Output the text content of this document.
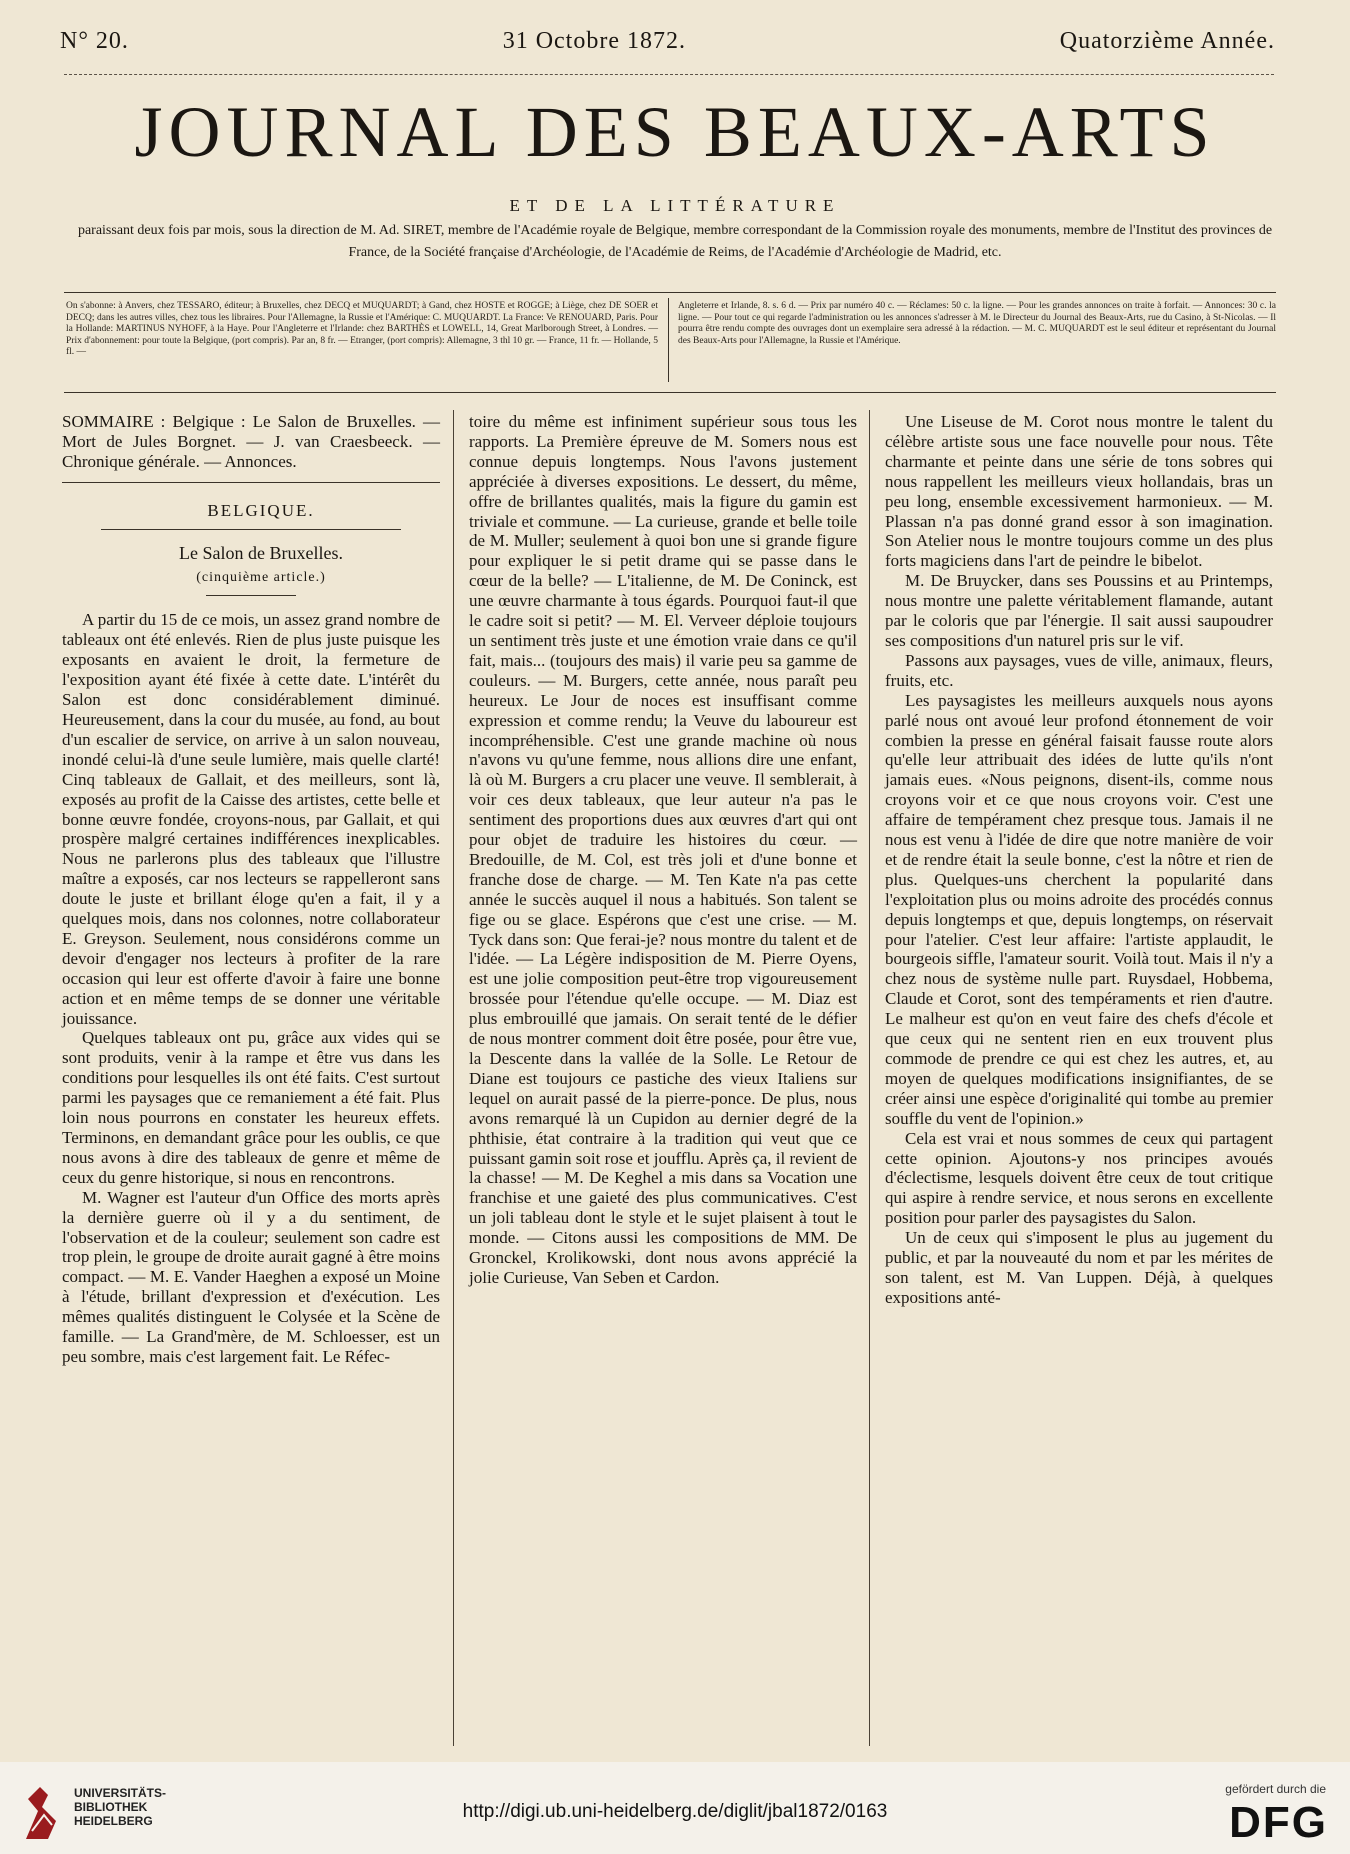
N° 20.	31 Octobre 1872.	Quatorzième Année.
JOURNAL DES BEAUX-ARTS
ET DE LA LITTÉRATURE
paraissant deux fois par mois, sous la direction de M. Ad. SIRET, membre de l'Académie royale de Belgique, membre correspondant de la Commission royale des monuments, membre de l'Institut des provinces de France, de la Société française d'Archéologie, de l'Académie de Reims, de l'Académie d'Archéologie de Madrid, etc.
On s'abonne: à Anvers, chez TESSARO, éditeur; à Bruxelles, chez DECQ et MUQUARDT; à Gand, chez HOSTE et ROGGE; à Liège, chez DE SOER et DECQ; dans les autres villes, chez tous les libraires. Pour l'Allemagne, la Russie et l'Amérique: C. MUQUARDT. La France: Ve RENOUARD, Paris. Pour la Hollande: MARTINUS NYHOFF, à la Haye. Pour l'Angleterre et l'Irlande: chez BARTHÈS et LOWELL, 14, Great Marlborough Street, à Londres. — Prix d'abonnement: pour toute la Belgique, (port compris). Par an, 8 fr. — Etranger, (port compris): Allemagne, 3 thl 10 gr. — France, 11 fr. — Hollande, 5 fl. —
Angleterre et Irlande, 8. s. 6 d. — Prix par numéro 40 c. — Réclames: 50 c. la ligne. — Pour les grandes annonces on traite à forfait. — Annonces: 30 c. la ligne. — Pour tout ce qui regarde l'administration ou les annonces s'adresser à M. le Directeur du Journal des Beaux-Arts, rue du Casino, à St-Nicolas. — Il pourra être rendu compte des ouvrages dont un exemplaire sera adressé à la rédaction. — M. C. MUQUARDT est le seul éditeur et représentant du Journal des Beaux-Arts pour l'Allemagne, la Russie et l'Amérique.

SOMMAIRE : Belgique : Le Salon de Bruxelles. — Mort de Jules Borgnet. — J. van Craesbeeck. — Chronique générale. — Annonces.

BELGIQUE.

Le Salon de Bruxelles.

(cinquième article.)

A partir du 15 de ce mois, un assez grand nombre de tableaux ont été enlevés. Rien de plus juste puisque les exposants en avaient le droit, la fermeture de l'exposition ayant été fixée à cette date. L'intérêt du Salon est donc considérablement diminué. Heureusement, dans la cour du musée, au fond, au bout d'un escalier de service, on arrive à un salon nouveau, inondé celui-là d'une seule lumière, mais quelle clarté! Cinq tableaux de Gallait, et des meilleurs, sont là, exposés au profit de la Caisse des artistes, cette belle et bonne œuvre fondée, croyons-nous, par Gallait, et qui prospère malgré certaines indifférences inexplicables. Nous ne parlerons plus des tableaux que l'illustre maître a exposés, car nos lecteurs se rappelleront sans doute le juste et brillant éloge qu'en a fait, il y a quelques mois, dans nos colonnes, notre collaborateur E. Greyson. Seulement, nous considérons comme un devoir d'engager nos lecteurs à profiter de la rare occasion qui leur est offerte d'avoir à faire une bonne action et en même temps de se donner une véritable jouissance.

Quelques tableaux ont pu, grâce aux vides qui se sont produits, venir à la rampe et être vus dans les conditions pour lesquelles ils ont été faits. C'est surtout parmi les paysages que ce remaniement a été fait. Plus loin nous pourrons en constater les heureux effets. Terminons, en demandant grâce pour les oublis, ce que nous avons à dire des tableaux de genre et même de ceux du genre historique, si nous en rencontrons.

M. Wagner est l'auteur d'un Office des morts après la dernière guerre où il y a du sentiment, de l'observation et de la couleur; seulement son cadre est trop plein, le groupe de droite aurait gagné à être moins compact. — M. E. Vander Haeghen a exposé un Moine à l'étude, brillant d'expression et d'exécution. Les mêmes qualités distinguent le Colysée et la Scène de famille. — La Grand'mère, de M. Schloesser, est un peu sombre, mais c'est largement fait. Le Réfec-

toire du même est infiniment supérieur sous tous les rapports. La Première épreuve de M. Somers nous est connue depuis longtemps. Nous l'avons justement appréciée à diverses expositions. Le dessert, du même, offre de brillantes qualités, mais la figure du gamin est triviale et commune. — La curieuse, grande et belle toile de M. Muller; seulement à quoi bon une si grande figure pour expliquer le si petit drame qui se passe dans le cœur de la belle? — L'italienne, de M. De Coninck, est une œuvre charmante à tous égards. Pourquoi faut-il que le cadre soit si petit? — M. El. Verveer déploie toujours un sentiment très juste et une émotion vraie dans ce qu'il fait, mais... (toujours des mais) il varie peu sa gamme de couleurs. — M. Burgers, cette année, nous paraît peu heureux. Le Jour de noces est insuffisant comme expression et comme rendu; la Veuve du laboureur est incompréhensible. C'est une grande machine où nous n'avons vu qu'une femme, nous allions dire une enfant, là où M. Burgers a cru placer une veuve. Il semblerait, à voir ces deux tableaux, que leur auteur n'a pas le sentiment des proportions dues aux œuvres d'art qui ont pour objet de traduire les histoires du cœur. — Bredouille, de M. Col, est très joli et d'une bonne et franche dose de charge. — M. Ten Kate n'a pas cette année le succès auquel il nous a habitués. Son talent se fige ou se glace. Espérons que c'est une crise. — M. Tyck dans son: Que ferai-je? nous montre du talent et de l'idée. — La Légère indisposition de M. Pierre Oyens, est une jolie composition peut-être trop vigoureusement brossée pour l'étendue qu'elle occupe. — M. Diaz est plus embrouillé que jamais. On serait tenté de le défier de nous montrer comment doit être posée, pour être vue, la Descente dans la vallée de la Solle. Le Retour de Diane est toujours ce pastiche des vieux Italiens sur lequel on aurait passé de la pierre-ponce. De plus, nous avons remarqué là un Cupidon au dernier degré de la phthisie, état contraire à la tradition qui veut que ce puissant gamin soit rose et joufflu. Après ça, il revient de la chasse! — M. De Keghel a mis dans sa Vocation une franchise et une gaieté des plus communicatives. C'est un joli tableau dont le style et le sujet plaisent à tout le monde. — Citons aussi les compositions de MM. De Gronckel, Krolikowski, dont nous avons apprécié la jolie Curieuse, Van Seben et Cardon.

Une Liseuse de M. Corot nous montre le talent du célèbre artiste sous une face nouvelle pour nous. Tête charmante et peinte dans une série de tons sobres qui nous rappellent les meilleurs vieux hollandais, bras un peu long, ensemble excessivement harmonieux. — M. Plassan n'a pas donné grand essor à son imagination. Son Atelier nous le montre toujours comme un des plus forts magiciens dans l'art de peindre le bibelot.

M. De Bruycker, dans ses Poussins et au Printemps, nous montre une palette véritablement flamande, autant par le coloris que par l'énergie. Il sait aussi saupoudrer ses compositions d'un naturel pris sur le vif.

Passons aux paysages, vues de ville, animaux, fleurs, fruits, etc.

Les paysagistes les meilleurs auxquels nous ayons parlé nous ont avoué leur profond étonnement de voir combien la presse en général faisait fausse route alors qu'elle leur attribuait des idées de lutte qu'ils n'ont jamais eues. «Nous peignons, disent-ils, comme nous croyons voir et ce que nous croyons voir. C'est une affaire de tempérament chez presque tous. Jamais il ne nous est venu à l'idée de dire que notre manière de voir et de rendre était la seule bonne, c'est la nôtre et rien de plus. Quelques-uns cherchent la popularité dans l'exploitation plus ou moins adroite des procédés connus depuis longtemps et que, depuis longtemps, on réservait pour l'atelier. C'est leur affaire: l'artiste applaudit, le bourgeois siffle, l'amateur sourit. Voilà tout. Mais il n'y a chez nous de système nulle part. Ruysdael, Hobbema, Claude et Corot, sont des tempéraments et rien d'autre. Le malheur est qu'on en veut faire des chefs d'école et que ceux qui ne sentent rien en eux trouvent plus commode de prendre ce qui est chez les autres, et, au moyen de quelques modifications insignifiantes, de se créer ainsi une espèce d'originalité qui tombe au premier souffle du vent de l'opinion.»

Cela est vrai et nous sommes de ceux qui partagent cette opinion. Ajoutons-y nos principes avoués d'éclectisme, lesquels doivent être ceux de tout critique qui aspire à rendre service, et nous serons en excellente position pour parler des paysagistes du Salon.

Un de ceux qui s'imposent le plus au jugement du public, et par la nouveauté du nom et par les mérites de son talent, est M. Van Luppen. Déjà, à quelques expositions anté-

UNIVERSITÄTS-
BIBLIOTHEK
HEIDELBERG	http://digi.ub.uni-heidelberg.de/diglit/jbal1872/0163
gefördert durch die
DFG
